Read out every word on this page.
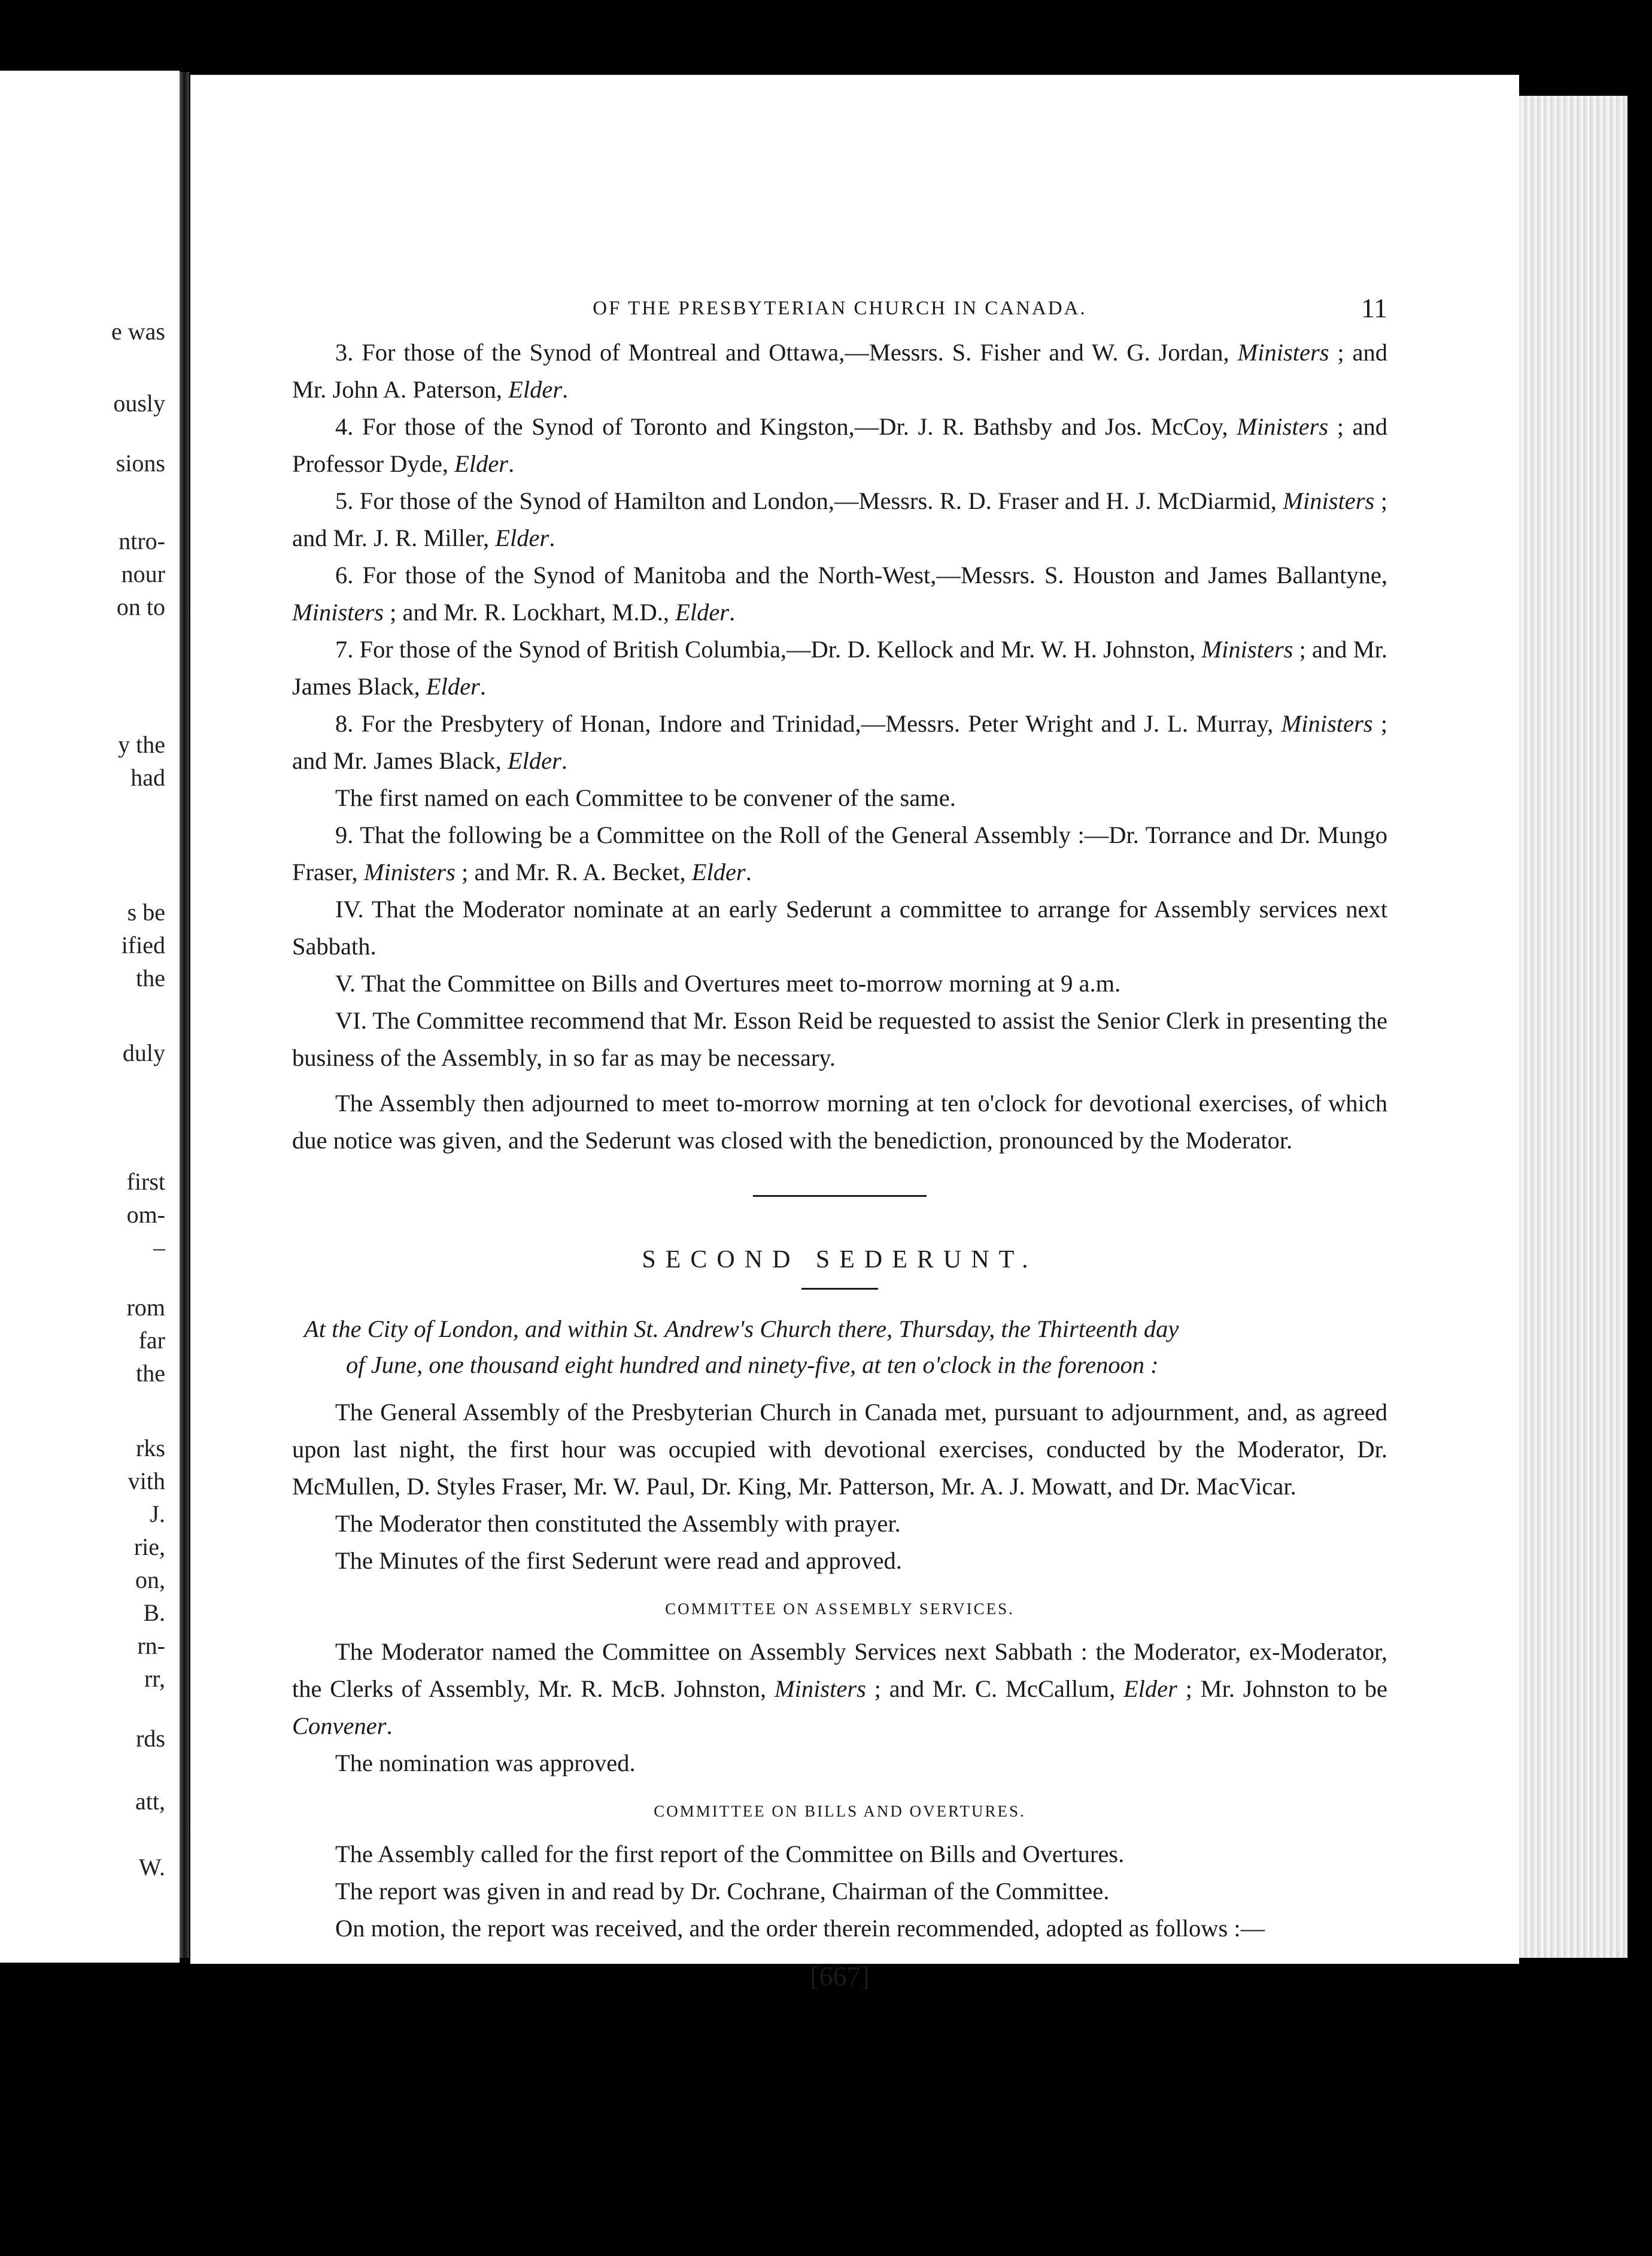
e was

ously

sions

ntro-

nour

on to

y the

had

s be

ified

the

duly

first

om-

–

rom

far

the

rks

vith

J.

rie,

on,

B.

rn-

rr,

rds

att,

W.

OF THE PRESBYTERIAN CHURCH IN CANADA.	11

3. For those of the Synod of Montreal and Ottawa,—Messrs. S. Fisher and W. G. Jordan, Ministers ; and Mr. John A. Paterson, Elder.

4. For those of the Synod of Toronto and Kingston,—Dr. J. R. Bathsby and Jos. McCoy, Ministers ; and Professor Dyde, Elder.

5. For those of the Synod of Hamilton and London,—Messrs. R. D. Fraser and H. J. McDiarmid, Ministers ; and Mr. J. R. Miller, Elder.

6. For those of the Synod of Manitoba and the North-West,—Messrs. S. Houston and James Ballantyne, Ministers ; and Mr. R. Lockhart, M.D., Elder.

7. For those of the Synod of British Columbia,—Dr. D. Kellock and Mr. W. H. Johnston, Ministers ; and Mr. James Black, Elder.

8. For the Presbytery of Honan, Indore and Trinidad,—Messrs. Peter Wright and J. L. Murray, Ministers ; and Mr. James Black, Elder.

The first named on each Committee to be convener of the same.

9. That the following be a Committee on the Roll of the General Assembly :—Dr. Torrance and Dr. Mungo Fraser, Ministers ; and Mr. R. A. Becket, Elder.

IV. That the Moderator nominate at an early Sederunt a committee to arrange for Assembly services next Sabbath.

V. That the Committee on Bills and Overtures meet to-morrow morning at 9 a.m.

VI. The Committee recommend that Mr. Esson Reid be requested to assist the Senior Clerk in presenting the business of the Assembly, in so far as may be necessary.

The Assembly then adjourned to meet to-morrow morning at ten o'clock for devotional exercises, of which due notice was given, and the Sederunt was closed with the benediction, pronounced by the Moderator.

SECOND SEDERUNT.

At the City of London, and within St. Andrew's Church there, Thursday, the Thirteenth day
of June, one thousand eight hundred and ninety-five, at ten o'clock in the forenoon :

The General Assembly of the Presbyterian Church in Canada met, pursuant to adjournment, and, as agreed upon last night, the first hour was occupied with devotional exercises, conducted by the Moderator, Dr. McMullen, D. Styles Fraser, Mr. W. Paul, Dr. King, Mr. Patterson, Mr. A. J. Mowatt, and Dr. MacVicar.

The Moderator then constituted the Assembly with prayer.

The Minutes of the first Sederunt were read and approved.

COMMITTEE ON ASSEMBLY SERVICES.

The Moderator named the Committee on Assembly Services next Sabbath : the Moderator, ex-Moderator, the Clerks of Assembly, Mr. R. McB. Johnston, Ministers ; and Mr. C. McCallum, Elder ; Mr. Johnston to be Convener.

The nomination was approved.

COMMITTEE ON BILLS AND OVERTURES.

The Assembly called for the first report of the Committee on Bills and Overtures.

The report was given in and read by Dr. Cochrane, Chairman of the Committee.

On motion, the report was received, and the order therein recommended, adopted as follows :—

[667]
